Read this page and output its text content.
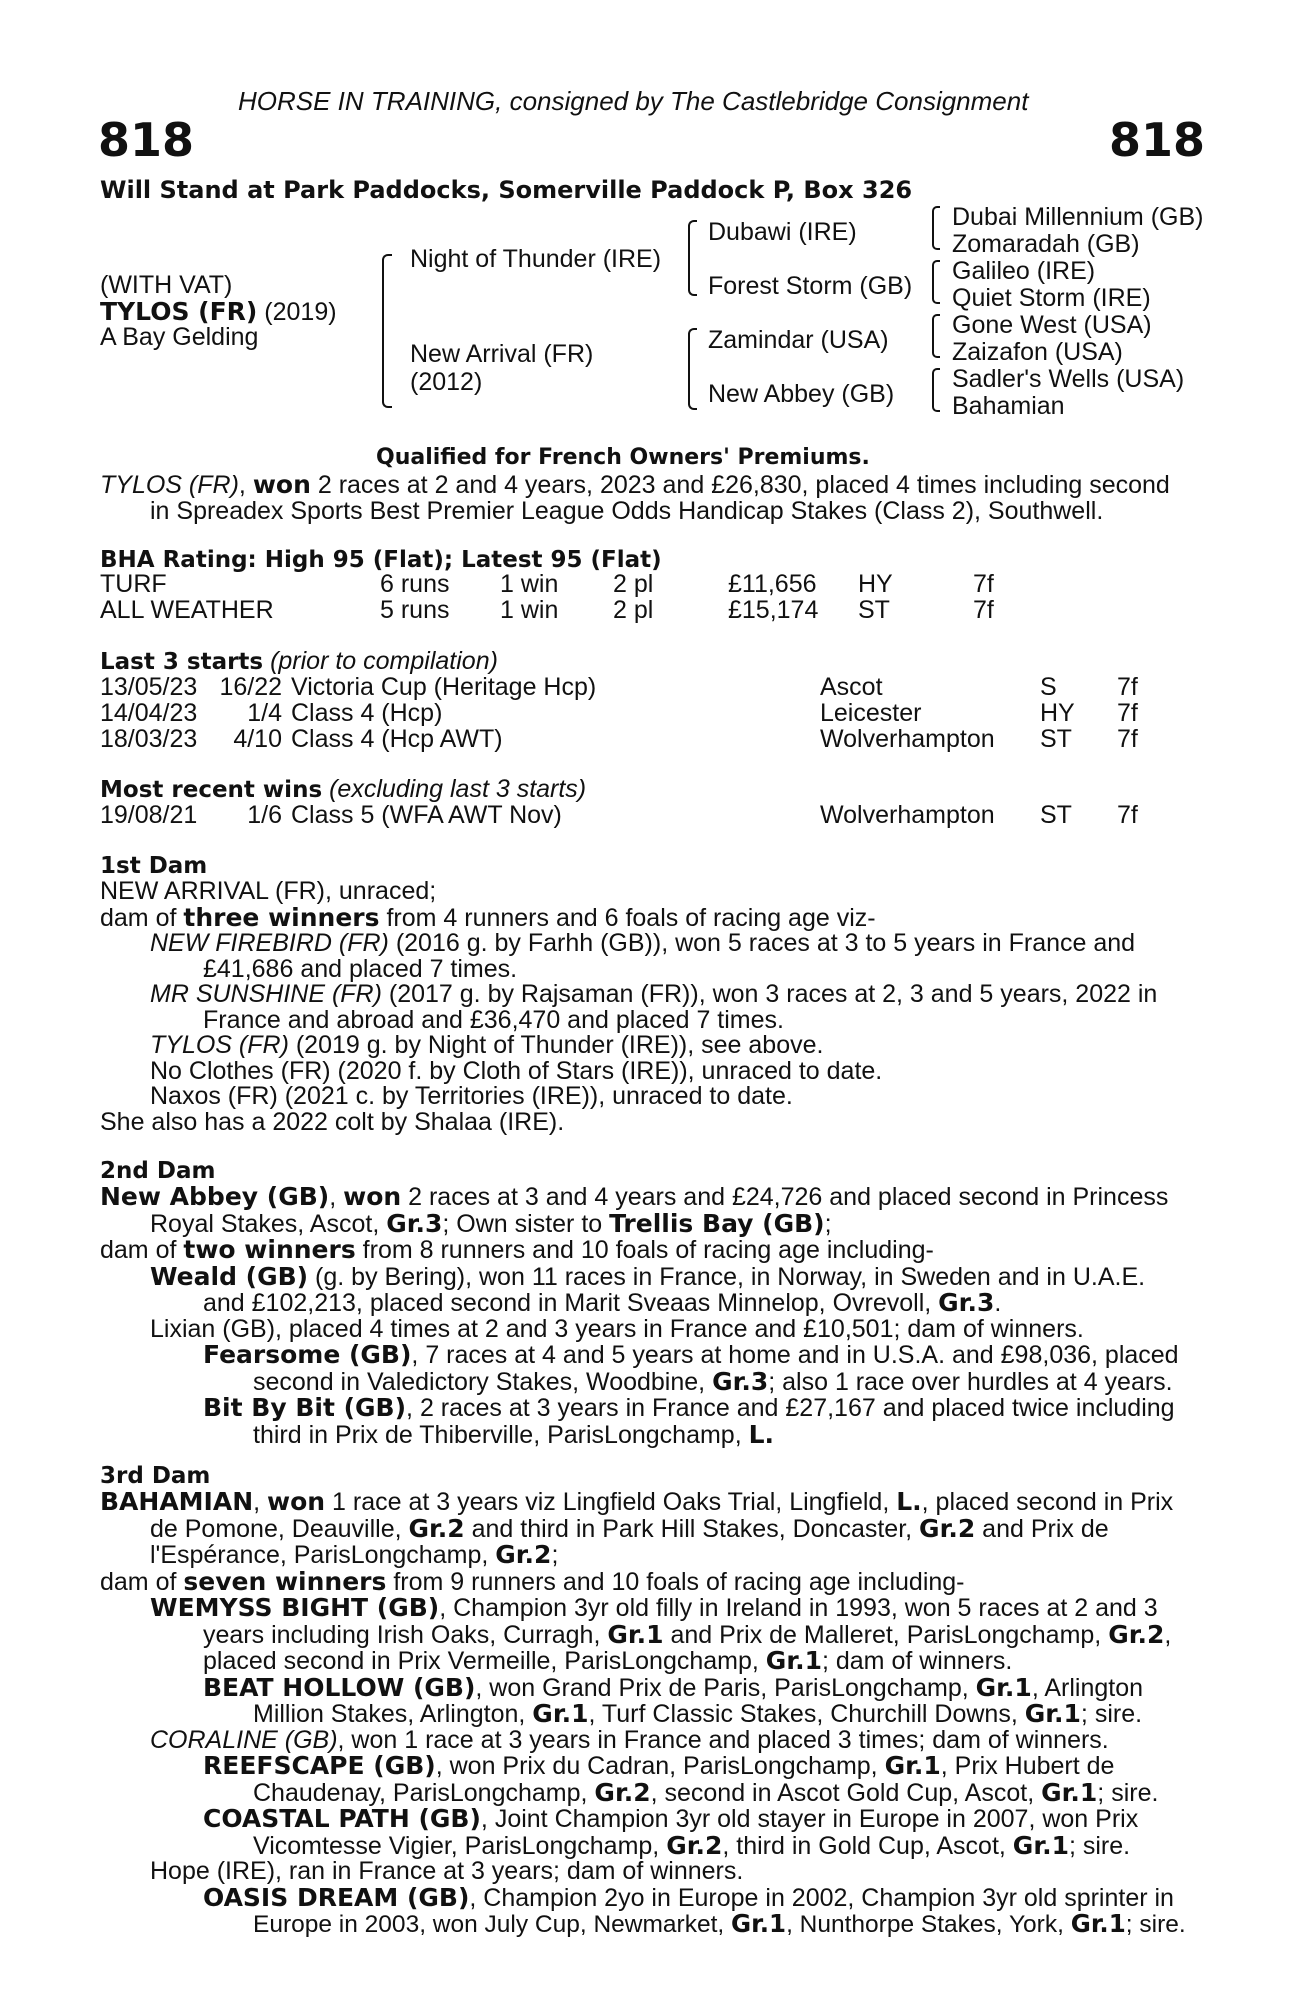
HORSE IN TRAINING, consigned by The Castlebridge Consignment
818	818
Will Stand at Park Paddocks, Somerville Paddock P, Box 326
(WITH VAT)
TYLOS (FR) (2019)
A Bay Gelding
Night of Thunder (IRE)
New Arrival (FR)
(2012)
Dubawi (IRE)
Forest Storm (GB)
Zamindar (USA)
New Abbey (GB)
Dubai Millennium (GB)
Zomaradah (GB)
Galileo (IRE)
Quiet Storm (IRE)
Gone West (USA)
Zaizafon (USA)
Sadler's Wells (USA)
Bahamian
Qualified for French Owners' Premiums.
TYLOS (FR), won 2 races at 2 and 4 years, 2023 and £26,830, placed 4 times including second
in Spreadex Sports Best Premier League Odds Handicap Stakes (Class 2), Southwell.
BHA Rating: High 95 (Flat); Latest 95 (Flat)
TURF	6 runs 1 win 2 pl	£11,656 HY	7f
ALL WEATHER	5 runs 1 win 2 pl	£15,174 ST	7f
Last 3 starts (prior to compilation)
13/05/23 16/22 Victoria Cup (Heritage Hcp)	Ascot	S 7f
14/04/23 1/4 Class 4 (Hcp)	Leicester	HY 7f
18/03/23 4/10 Class 4 (Hcp AWT)	Wolverhampton ST 7f
Most recent wins (excluding last 3 starts)
19/08/21 1/6 Class 5 (WFA AWT Nov)	Wolverhampton ST 7f
1st Dam
NEW ARRIVAL (FR), unraced;
dam of three winners from 4 runners and 6 foals of racing age viz-
NEW FIREBIRD (FR) (2016 g. by Farhh (GB)), won 5 races at 3 to 5 years in France and
£41,686 and placed 7 times.
MR SUNSHINE (FR) (2017 g. by Rajsaman (FR)), won 3 races at 2, 3 and 5 years, 2022 in
France and abroad and £36,470 and placed 7 times.
TYLOS (FR) (2019 g. by Night of Thunder (IRE)), see above.
No Clothes (FR) (2020 f. by Cloth of Stars (IRE)), unraced to date.
Naxos (FR) (2021 c. by Territories (IRE)), unraced to date.
She also has a 2022 colt by Shalaa (IRE).
2nd Dam
New Abbey (GB), won 2 races at 3 and 4 years and £24,726 and placed second in Princess
Royal Stakes, Ascot, Gr.3; Own sister to Trellis Bay (GB);
dam of two winners from 8 runners and 10 foals of racing age including-
Weald (GB) (g. by Bering), won 11 races in France, in Norway, in Sweden and in U.A.E.
and £102,213, placed second in Marit Sveaas Minnelop, Ovrevoll, Gr.3.
Lixian (GB), placed 4 times at 2 and 3 years in France and £10,501; dam of winners.
Fearsome (GB), 7 races at 4 and 5 years at home and in U.S.A. and £98,036, placed
second in Valedictory Stakes, Woodbine, Gr.3; also 1 race over hurdles at 4 years.
Bit By Bit (GB), 2 races at 3 years in France and £27,167 and placed twice including
third in Prix de Thiberville, ParisLongchamp, L.
3rd Dam
BAHAMIAN, won 1 race at 3 years viz Lingfield Oaks Trial, Lingfield, L., placed second in Prix
de Pomone, Deauville, Gr.2 and third in Park Hill Stakes, Doncaster, Gr.2 and Prix de
l'Espérance, ParisLongchamp, Gr.2;
dam of seven winners from 9 runners and 10 foals of racing age including-
WEMYSS BIGHT (GB), Champion 3yr old filly in Ireland in 1993, won 5 races at 2 and 3
years including Irish Oaks, Curragh, Gr.1 and Prix de Malleret, ParisLongchamp, Gr.2,
placed second in Prix Vermeille, ParisLongchamp, Gr.1; dam of winners.
BEAT HOLLOW (GB), won Grand Prix de Paris, ParisLongchamp, Gr.1, Arlington
Million Stakes, Arlington, Gr.1, Turf Classic Stakes, Churchill Downs, Gr.1; sire.
CORALINE (GB), won 1 race at 3 years in France and placed 3 times; dam of winners.
REEFSCAPE (GB), won Prix du Cadran, ParisLongchamp, Gr.1, Prix Hubert de
Chaudenay, ParisLongchamp, Gr.2, second in Ascot Gold Cup, Ascot, Gr.1; sire.
COASTAL PATH (GB), Joint Champion 3yr old stayer in Europe in 2007, won Prix
Vicomtesse Vigier, ParisLongchamp, Gr.2, third in Gold Cup, Ascot, Gr.1; sire.
Hope (IRE), ran in France at 3 years; dam of winners.
OASIS DREAM (GB), Champion 2yo in Europe in 2002, Champion 3yr old sprinter in
Europe in 2003, won July Cup, Newmarket, Gr.1, Nunthorpe Stakes, York, Gr.1; sire.
